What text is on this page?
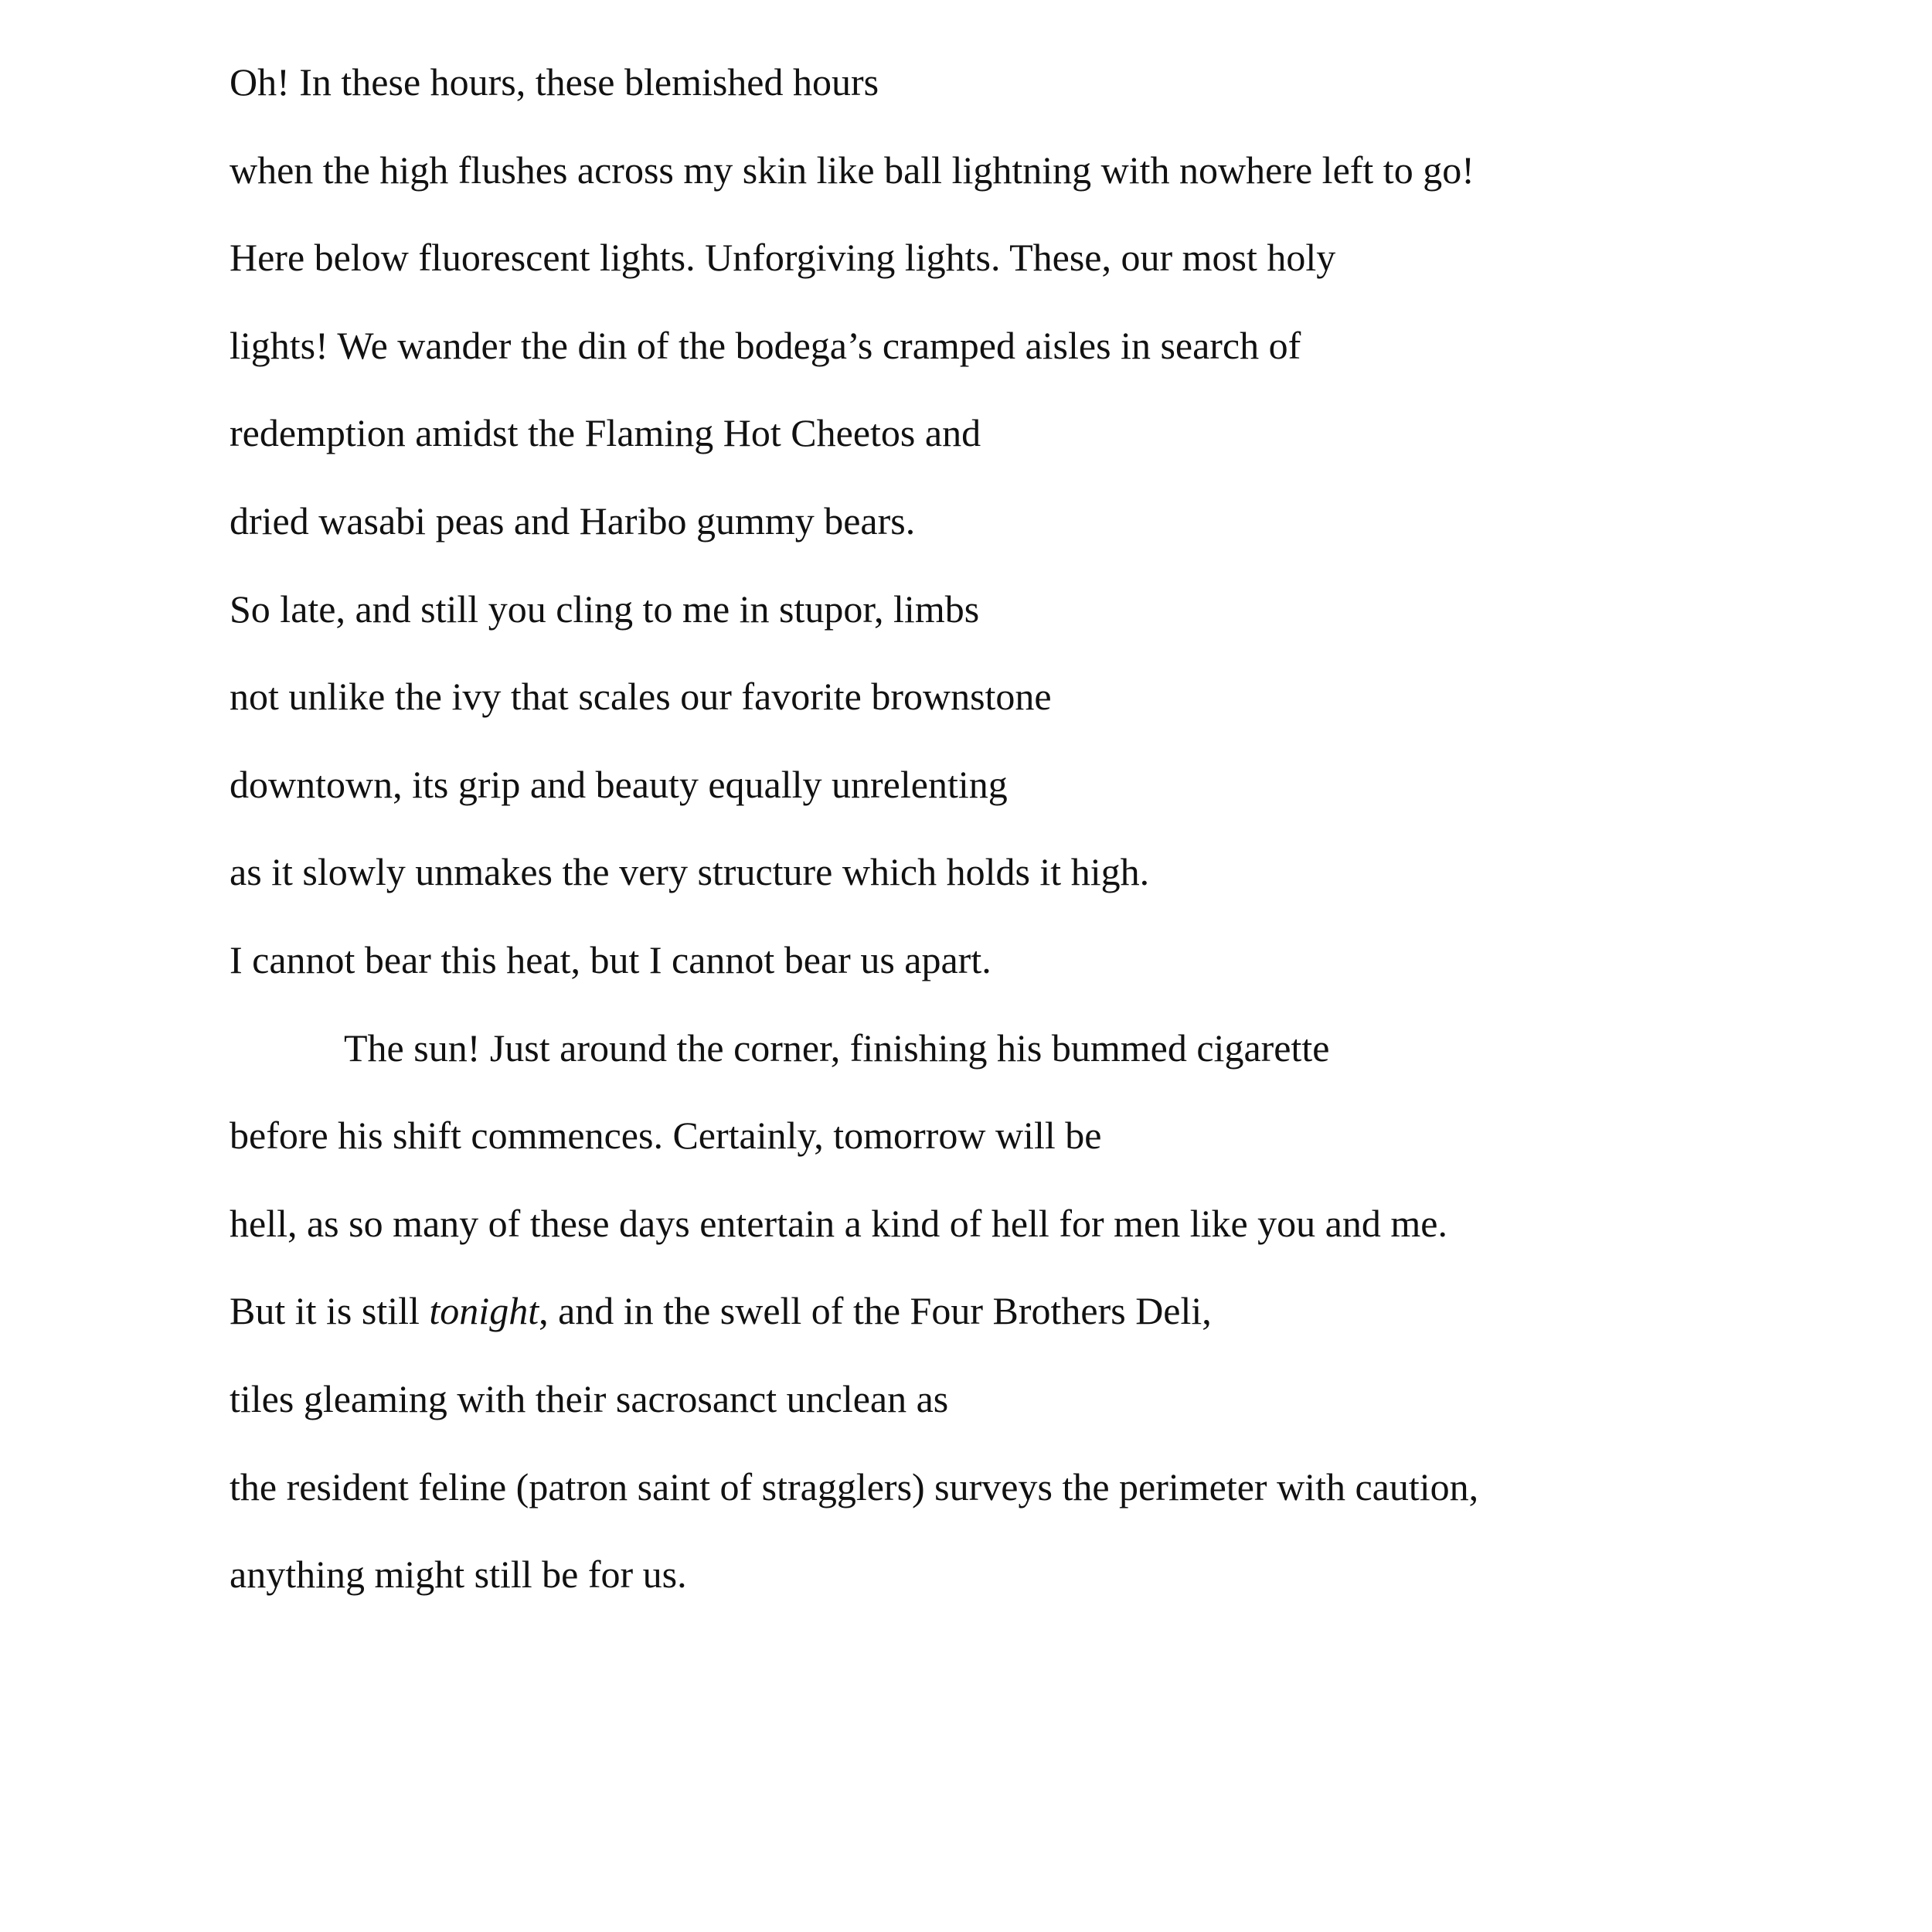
Oh! In these hours, these blemished hours
when the high flushes across my skin like ball lightning with nowhere left to go!
Here below fluorescent lights. Unforgiving lights. These, our most holy
lights! We wander the din of the bodega’s cramped aisles in search of
redemption amidst the Flaming Hot Cheetos and
dried wasabi peas and Haribo gummy bears.
So late, and still you cling to me in stupor, limbs
not unlike the ivy that scales our favorite brownstone
downtown, its grip and beauty equally unrelenting
as it slowly unmakes the very structure which holds it high.
I cannot bear this heat, but I cannot bear us apart.
The sun! Just around the corner, finishing his bummed cigarette
before his shift commences. Certainly, tomorrow will be
hell, as so many of these days entertain a kind of hell for men like you and me.
But it is still tonight, and in the swell of the Four Brothers Deli,
tiles gleaming with their sacrosanct unclean as
the resident feline (patron saint of stragglers) surveys the perimeter with caution,
anything might still be for us.
